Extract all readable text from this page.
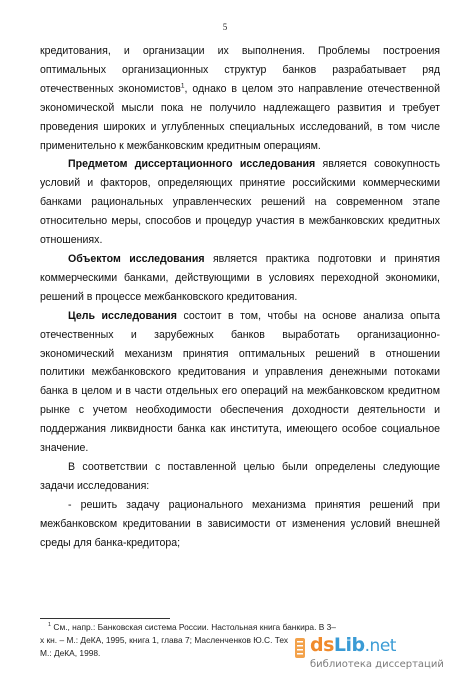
5

кредитования, и организации их выполнения. Проблемы построения оптимальных организационных структур банков разрабатывает ряд отечественных экономистов$^1$, однако в целом это направление отечественной экономической мысли пока не получило надлежащего развития и требует проведения широких и углубленных специальных исследований, в том числе применительно к межбанковским кредитным операциям.

Предметом диссертационного исследования является совокупность условий и факторов, определяющих принятие российскими коммерческими банками рациональных управленческих решений на современном этапе относительно меры, способов и процедур участия в межбанковских кредитных отношениях.

Объектом исследования является практика подготовки и принятия коммерческими банками, действующими в условиях переходной экономики, решений в процессе межбанковского кредитования.

Цель исследования состоит в том, чтобы на основе анализа опыта отечественных и зарубежных банков выработать организационно-экономический механизм принятия оптимальных решений в отношении политики межбанковского кредитования и управления денежными потоками банка в целом и в части отдельных его операций на межбанковском кредитном рынке с учетом необходимости обеспечения доходности деятельности и поддержания ликвидности банка как института, имеющего особое социальное значение.

В соответствии с поставленной целью были определены следующие задачи исследования:

- решить задачу рационального механизма принятия решений при межбанковском кредитовании в зависимости от изменения условий внешней среды для банка-кредитора;

$^1$ См., напр.: Банковская система России. Настольная книга банкира. В 3–х кн. – М.: ДеКА, 1995, книга 1, глава 7; Масленченков Ю.С. Тех

М.: ДеКА, 1998.	dsLib.net
библиотека диссертаций
